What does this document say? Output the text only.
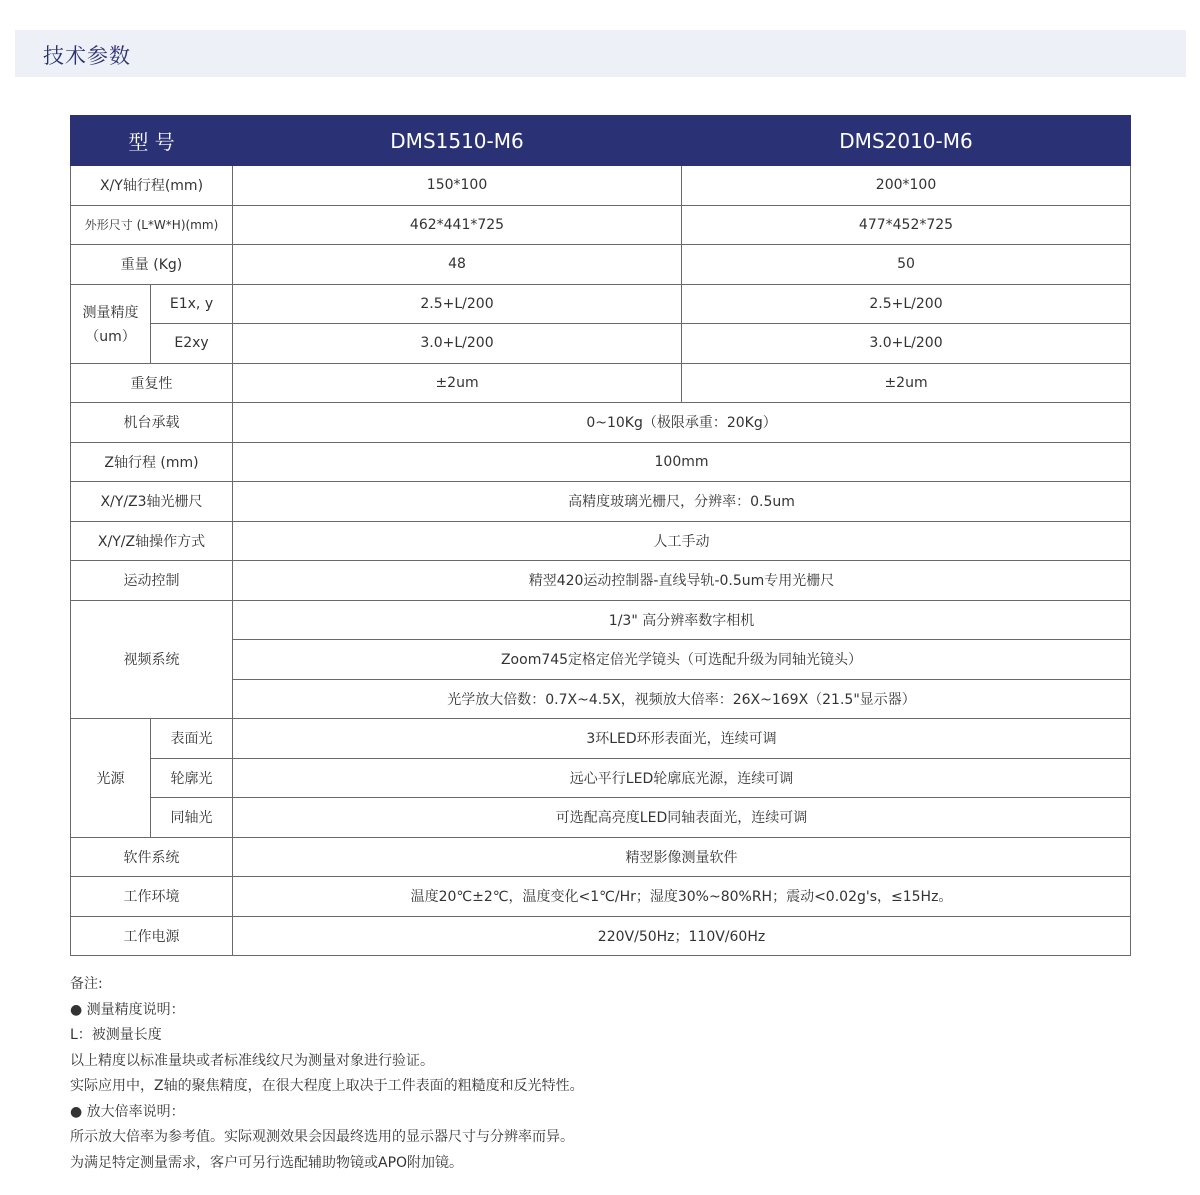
技术参数
型 号		DMS1510-M6	DMS2010-M6
X/Y轴行程(mm)		150*100	200*100
外形尺寸 (L*W*H)(mm)		462*441*725	477*452*725
重量 (Kg)		48	50

测量精度
（um）	E1x, y	2.5+L/200	2.5+L/200
	E2xy	3.0+L/200	3.0+L/200
重复性		±2um	±2um
机台承载		0~10Kg（极限承重：20Kg）	
Z轴行程 (mm)		100mm	
X/Y/Z3轴光栅尺		高精度玻璃光栅尺，分辨率：0.5um	
X/Y/Z轴操作方式		人工手动	
运动控制		精翌420运动控制器-直线导轨-0.5um专用光栅尺	
视频系统		1/3" 高分辨率数字相机	
		Zoom745定格定倍光学镜头（可选配升级为同轴光镜头）	
		光学放大倍数：0.7X~4.5X，视频放大倍率：26X~169X（21.5"显示器）	
光源	表面光	3环LED环形表面光，连续可调	
	轮廓光	远心平行LED轮廓底光源，连续可调	
	同轴光	可选配高亮度LED同轴表面光，连续可调	
软件系统		精翌影像测量软件	
工作环境		温度20℃±2℃，温度变化<1℃/Hr；湿度30%~80%RH；震动<0.02g's，≤15Hz。	
工作电源		220V/50Hz；110V/60Hz	
备注:
● 测量精度说明：
L：被测量长度
以上精度以标准量块或者标准线纹尺为测量对象进行验证。
实际应用中，Z轴的聚焦精度，在很大程度上取决于工件表面的粗糙度和反光特性。
● 放大倍率说明：
所示放大倍率为参考值。实际观测效果会因最终选用的显示器尺寸与分辨率而异。
为满足特定测量需求，客户可另行选配辅助物镜或APO附加镜。
